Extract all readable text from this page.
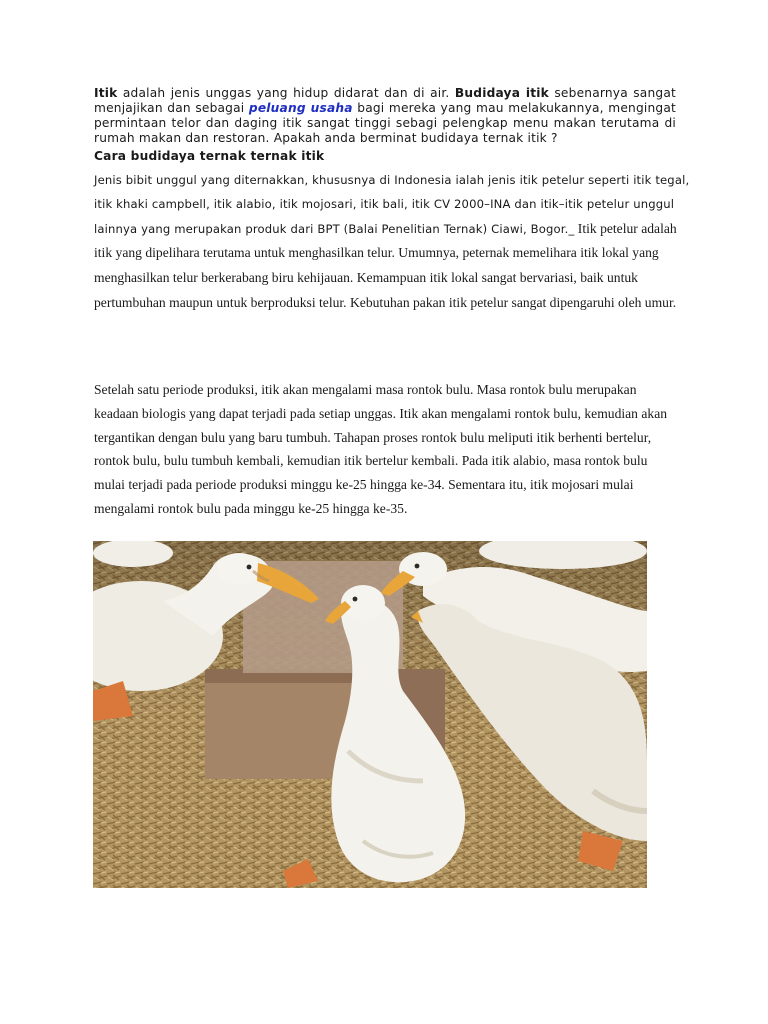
Itik adalah jenis unggas yang hidup didarat dan di air. Budidaya itik sebenarnya sangat menjajikan dan sebagai peluang usaha bagi mereka yang mau melakukannya, mengingat permintaan telor dan daging itik sangat tinggi sebagi pelengkap menu makan terutama di rumah makan dan restoran. Apakah anda berminat budidaya ternak itik ?

Cara budidaya ternak ternak itik

Jenis bibit unggul yang diternakkan, khususnya di Indonesia ialah jenis itik petelur seperti itik tegal, itik khaki campbell, itik alabio, itik mojosari, itik bali, itik CV 2000–INA dan itik–itik petelur unggul lainnya yang merupakan produk dari BPT (Balai Penelitian Ternak) Ciawi, Bogor._ Itik petelur adalah itik yang dipelihara terutama untuk menghasilkan telur. Umumnya, peternak memelihara itik lokal yang menghasilkan telur berkerabang biru kehijauan. Kemampuan itik lokal sangat bervariasi, baik untuk pertumbuhan maupun untuk berproduksi telur. Kebutuhan pakan itik petelur sangat dipengaruhi oleh umur.

Setelah satu periode produksi, itik akan mengalami masa rontok bulu. Masa rontok bulu merupakan keadaan biologis yang dapat terjadi pada setiap unggas. Itik akan mengalami rontok bulu, kemudian akan tergantikan dengan bulu yang baru tumbuh. Tahapan proses rontok bulu meliputi itik berhenti bertelur, rontok bulu, bulu tumbuh kembali, kemudian itik bertelur kembali. Pada itik alabio, masa rontok bulu mulai terjadi pada periode produksi minggu ke-25 hingga ke-34. Sementara itu, itik mojosari mulai mengalami rontok bulu pada minggu ke-25 hingga ke-35.
